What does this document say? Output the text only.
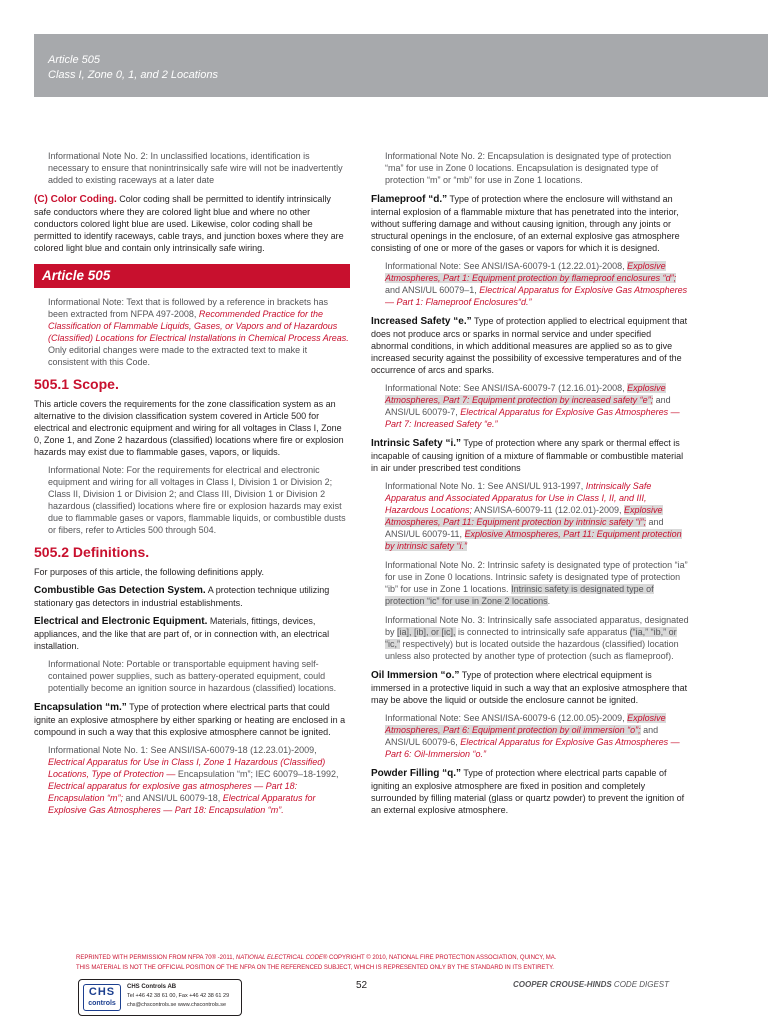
Article 505
Class I, Zone 0, 1, and 2 Locations

Informational Note No. 2: In unclassified locations, identification is necessary to ensure that nonintrinsically safe wire will not be inadvertently added to existing raceways at a later date

(C) Color Coding. Color coding shall be permitted to identify intrinsically safe conductors where they are colored light blue and where no other conductors colored light blue are used. Likewise, color coding shall be permitted to identify raceways, cable trays, and junction boxes where they are colored light blue and contain only intrinsically safe wiring.

Article 505

Informational Note: Text that is followed by a reference in brackets has been extracted from NFPA 497-2008, Recommended Practice for the Classification of Flammable Liquids, Gases, or Vapors and of Hazardous (Classified) Locations for Electrical Installations in Chemical Process Areas. Only editorial changes were made to the extracted text to make it consistent with this Code.

505.1 Scope.

This article covers the requirements for the zone classification system as an alternative to the division classification system covered in Article 500 for electrical and electronic equipment and wiring for all voltages in Class I, Zone 0, Zone 1, and Zone 2 hazardous (classified) locations where fire or explosion hazards may exist due to flammable gases, vapors, or liquids.

Informational Note: For the requirements for electrical and electronic equipment and wiring for all voltages in Class I, Division 1 or Division 2; Class II, Division 1 or Division 2; and Class III, Division 1 or Division 2 hazardous (classified) locations where fire or explosion hazards may exist due to flammable gases or vapors, flammable liquids, or combustible dusts or fibers, refer to Articles 500 through 504.

505.2 Definitions.

For purposes of this article, the following definitions apply.

Combustible Gas Detection System. A protection technique utilizing stationary gas detectors in industrial establishments.

Electrical and Electronic Equipment. Materials, fittings, devices, appliances, and the like that are part of, or in connection with, an electrical installation.

Informational Note: Portable or transportable equipment having self-contained power supplies, such as battery-operated equipment, could potentially become an ignition source in hazardous (classified) locations.

Encapsulation “m.” Type of protection where electrical parts that could ignite an explosive atmosphere by either sparking or heating are enclosed in a compound in such a way that this explosive atmosphere cannot be ignited.

Informational Note No. 1: See ANSI/ISA-60079-18 (12.23.01)-2009, Electrical Apparatus for Use in Class I, Zone 1 Hazardous (Classified) Locations, Type of Protection — Encapsulation “m”; IEC 60079–18-1992, Electrical apparatus for explosive gas atmospheres — Part 18: Encapsulation “m”; and ANSI/UL 60079-18, Electrical Apparatus for Explosive Gas Atmospheres — Part 18: Encapsulation “m”.

Informational Note No. 2: Encapsulation is designated type of protection “ma” for use in Zone 0 locations. Encapsulation is designated type of protection “m” or “mb” for use in Zone 1 locations.

Flameproof “d.” Type of protection where the enclosure will withstand an internal explosion of a flammable mixture that has penetrated into the interior, without suffering damage and without causing ignition, through any joints or structural openings in the enclosure, of an external explosive gas atmosphere consisting of one or more of the gases or vapors for which it is designed.

Informational Note: See ANSI/ISA-60079-1 (12.22.01)-2008, Explosive Atmospheres, Part 1: Equipment protection by flameproof enclosures “d”; and ANSI/UL 60079–1, Electrical Apparatus for Explosive Gas Atmospheres — Part 1: Flameproof Enclosures“d.”

Increased Safety “e.” Type of protection applied to electrical equipment that does not produce arcs or sparks in normal service and under specified abnormal conditions, in which additional measures are applied so as to give increased security against the possibility of excessive temperatures and of the occurrence of arcs and sparks.

Informational Note: See ANSI/ISA-60079-7 (12.16.01)-2008, Explosive Atmospheres, Part 7: Equipment protection by increased safety “e”; and ANSI/UL 60079-7, Electrical Apparatus for Explosive Gas Atmospheres — Part 7: Increased Safety “e.”

Intrinsic Safety “i.” Type of protection where any spark or thermal effect is incapable of causing ignition of a mixture of flammable or combustible material in air under prescribed test conditions

Informational Note No. 1: See ANSI/UL 913-1997, Intrinsically Safe Apparatus and Associated Apparatus for Use in Class I, II, and III, Hazardous Locations; ANSI/ISA-60079-11 (12.02.01)-2009, Explosive Atmospheres, Part 11: Equipment protection by intrinsic safety “i”; and ANSI/UL 60079-11, Explosive Atmospheres, Part 11: Equipment protection by intrinsic safety “i.”

Informational Note No. 2: Intrinsic safety is designated type of protection “ia” for use in Zone 0 locations. Intrinsic safety is designated type of protection “ib” for use in Zone 1 locations. Intrinsic safety is designated type of protection “ic” for use in Zone 2 locations.

Informational Note No. 3: Intrinsically safe associated apparatus, designated by [ia], [ib], or [ic], is connected to intrinsically safe apparatus (“ia,” “ib,” or “ic,” respectively) but is located outside the hazardous (classified) location unless also protected by another type of protection (such as flameproof).

Oil Immersion “o.” Type of protection where electrical equipment is immersed in a protective liquid in such a way that an explosive atmosphere that may be above the liquid or outside the enclosure cannot be ignited.

Informational Note: See ANSI/ISA-60079-6 (12.00.05)-2009, Explosive Atmospheres, Part 6: Equipment protection by oil immersion “o”; and ANSI/UL 60079-6, Electrical Apparatus for Explosive Gas Atmospheres — Part 6: Oil-Immersion “o.”

Powder Filling “q.” Type of protection where electrical parts capable of igniting an explosive atmosphere are fixed in position and completely surrounded by filling material (glass or quartz powder) to prevent the ignition of an external explosive atmosphere.

REPRINTED WITH PERMISSION FROM NFPA 70® -2011, NATIONAL ELECTRICAL CODE® COPYRIGHT © 2010, NATIONAL FIRE PROTECTION ASSOCIATION, QUINCY, MA.
THIS MATERIAL IS NOT THE OFFICIAL POSITION OF THE NFPA ON THE REFERENCED SUBJECT, WHICH IS REPRESENTED ONLY BY THE STANDARD IN ITS ENTIRETY.
CHS
controls
CHS Controls AB
Tel +46 42 38 61 00, Fax +46 42 38 61 29
chs@chscontrols.se www.chscontrols.se
52	COOPER CROUSE-HINDS CODE DIGEST
